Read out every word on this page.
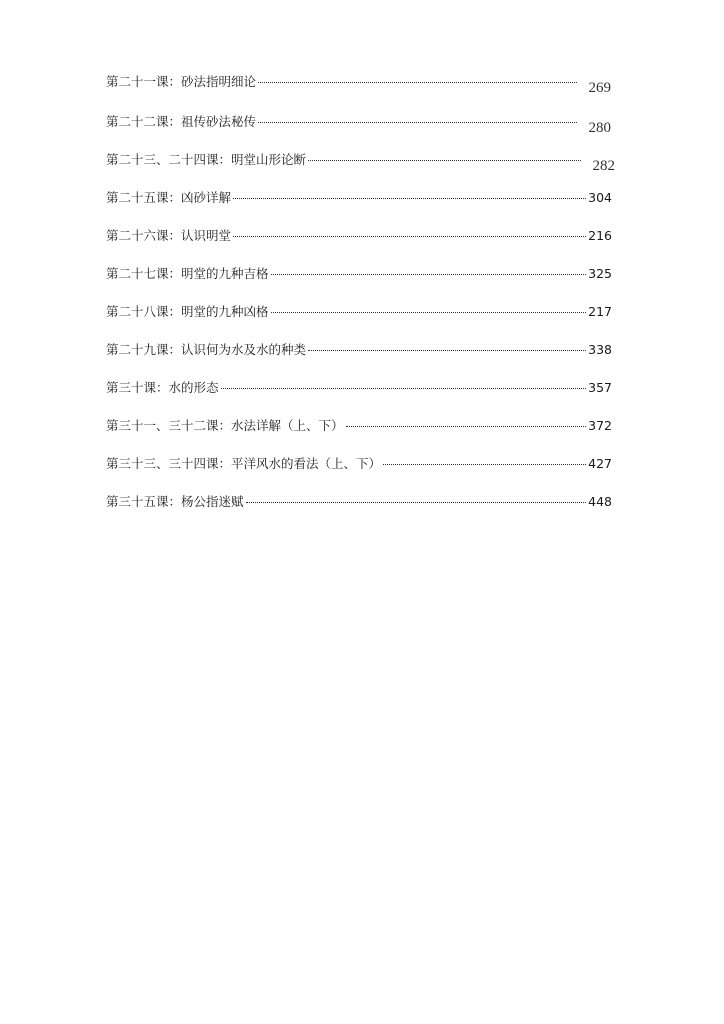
第二十一课：砂法指明细论	269
第二十二课：祖传砂法秘传	280
第二十三、二十四课：明堂山形论断	282
第二十五课：凶砂详解	304
第二十六课：认识明堂	216
第二十七课：明堂的九种吉格	325
第二十八课：明堂的九种凶格	217
第二十九课：认识何为水及水的种类	338
第三十课：水的形态	357
第三十一、三十二课：水法详解（上、下）	372
第三十三、三十四课：平洋风水的看法（上、下）	427
第三十五课：杨公指迷赋	448
